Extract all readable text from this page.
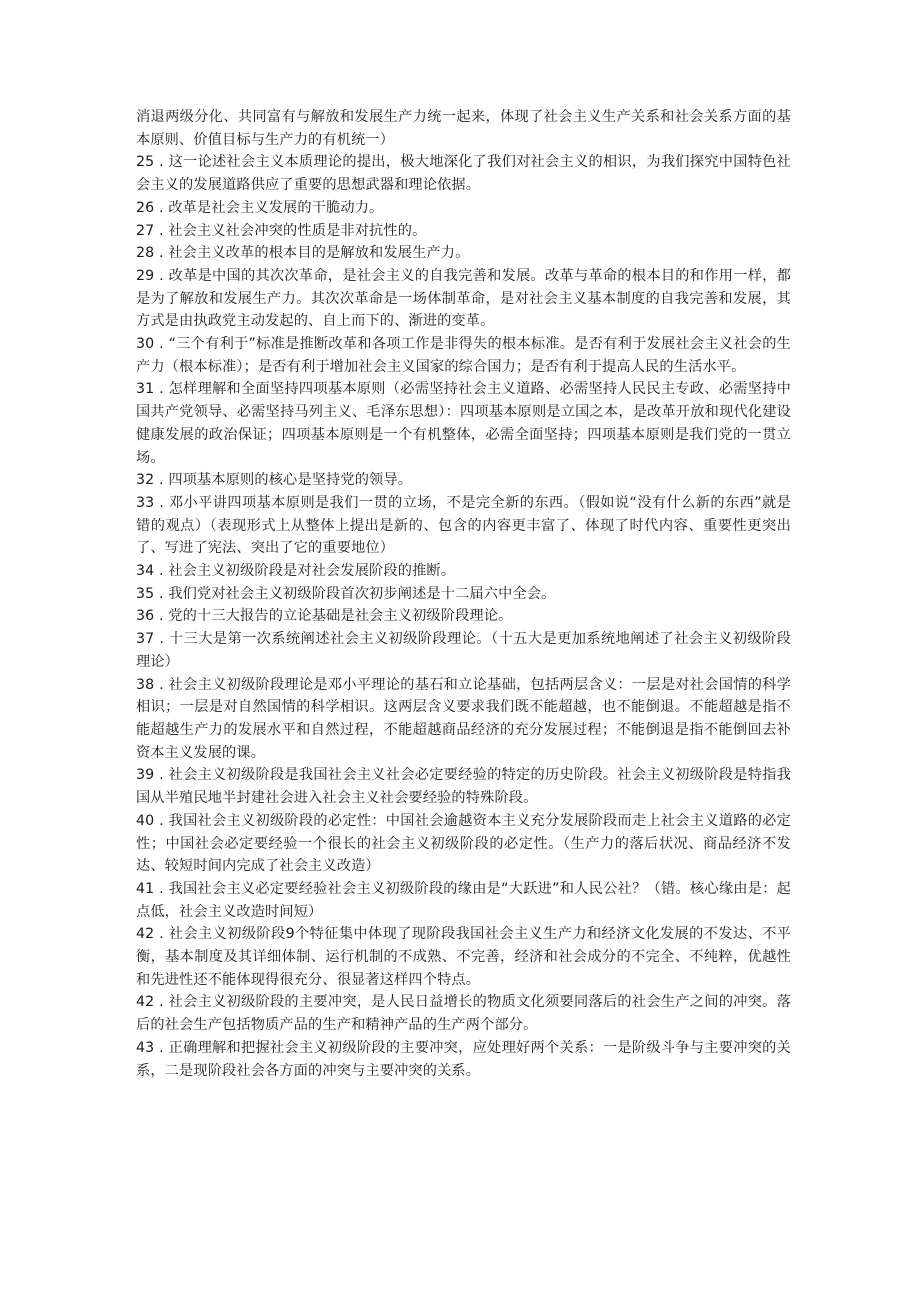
消退两级分化、共同富有与解放和发展生产力统一起来，体现了社会主义生产关系和社会关系方面的基本原则、价值目标与生产力的有机统一）

25 . 这一论述社会主义本质理论的提出，极大地深化了我们对社会主义的相识，为我们探究中国特色社会主义的发展道路供应了重要的思想武器和理论依据。

26 . 改革是社会主义发展的干脆动力。

27 . 社会主义社会冲突的性质是非对抗性的。

28 . 社会主义改革的根本目的是解放和发展生产力。

29 . 改革是中国的其次次革命，是社会主义的自我完善和发展。改革与革命的根本目的和作用一样，都是为了解放和发展生产力。其次次革命是一场体制革命，是对社会主义基本制度的自我完善和发展，其方式是由执政党主动发起的、自上而下的、渐进的变革。

30 . “三个有利于”标准是推断改革和各项工作是非得失的根本标准。是否有利于发展社会主义社会的生产力（根本标准）；是否有利于增加社会主义国家的综合国力；是否有利于提高人民的生活水平。

31 . 怎样理解和全面坚持四项基本原则（必需坚持社会主义道路、必需坚持人民民主专政、必需坚持中国共产党领导、必需坚持马列主义、毛泽东思想）：四项基本原则是立国之本，是改革开放和现代化建设健康发展的政治保证；四项基本原则是一个有机整体，必需全面坚持；四项基本原则是我们党的一贯立场。

32 . 四项基本原则的核心是坚持党的领导。

33 . 邓小平讲四项基本原则是我们一贯的立场，不是完全新的东西。（假如说“没有什么新的东西”就是错的观点）（表现形式上从整体上提出是新的、包含的内容更丰富了、体现了时代内容、重要性更突出了、写进了宪法、突出了它的重要地位）

34 . 社会主义初级阶段是对社会发展阶段的推断。

35 . 我们党对社会主义初级阶段首次初步阐述是十二届六中全会。

36 . 党的十三大报告的立论基础是社会主义初级阶段理论。

37 . 十三大是第一次系统阐述社会主义初级阶段理论。（十五大是更加系统地阐述了社会主义初级阶段理论）

38 . 社会主义初级阶段理论是邓小平理论的基石和立论基础，包括两层含义：一层是对社会国情的科学相识；一层是对自然国情的科学相识。这两层含义要求我们既不能超越，也不能倒退。不能超越是指不能超越生产力的发展水平和自然过程，不能超越商品经济的充分发展过程；不能倒退是指不能倒回去补资本主义发展的课。

39 . 社会主义初级阶段是我国社会主义社会必定要经验的特定的历史阶段。社会主义初级阶段是特指我国从半殖民地半封建社会进入社会主义社会要经验的特殊阶段。

40 . 我国社会主义初级阶段的必定性：中国社会逾越资本主义充分发展阶段而走上社会主义道路的必定性；中国社会必定要经验一个很长的社会主义初级阶段的必定性。（生产力的落后状况、商品经济不发达、较短时间内完成了社会主义改造）

41 . 我国社会主义必定要经验社会主义初级阶段的缘由是“大跃进”和人民公社？（错。核心缘由是：起点低，社会主义改造时间短）

42 . 社会主义初级阶段9个特征集中体现了现阶段我国社会主义生产力和经济文化发展的不发达、不平衡，基本制度及其详细体制、运行机制的不成熟、不完善，经济和社会成分的不完全、不纯粹，优越性和先进性还不能体现得很充分、很显著这样四个特点。

42 . 社会主义初级阶段的主要冲突，是人民日益增长的物质文化须要同落后的社会生产之间的冲突。落后的社会生产包括物质产品的生产和精神产品的生产两个部分。

43 . 正确理解和把握社会主义初级阶段的主要冲突，应处理好两个关系：一是阶级斗争与主要冲突的关系，二是现阶段社会各方面的冲突与主要冲突的关系。
